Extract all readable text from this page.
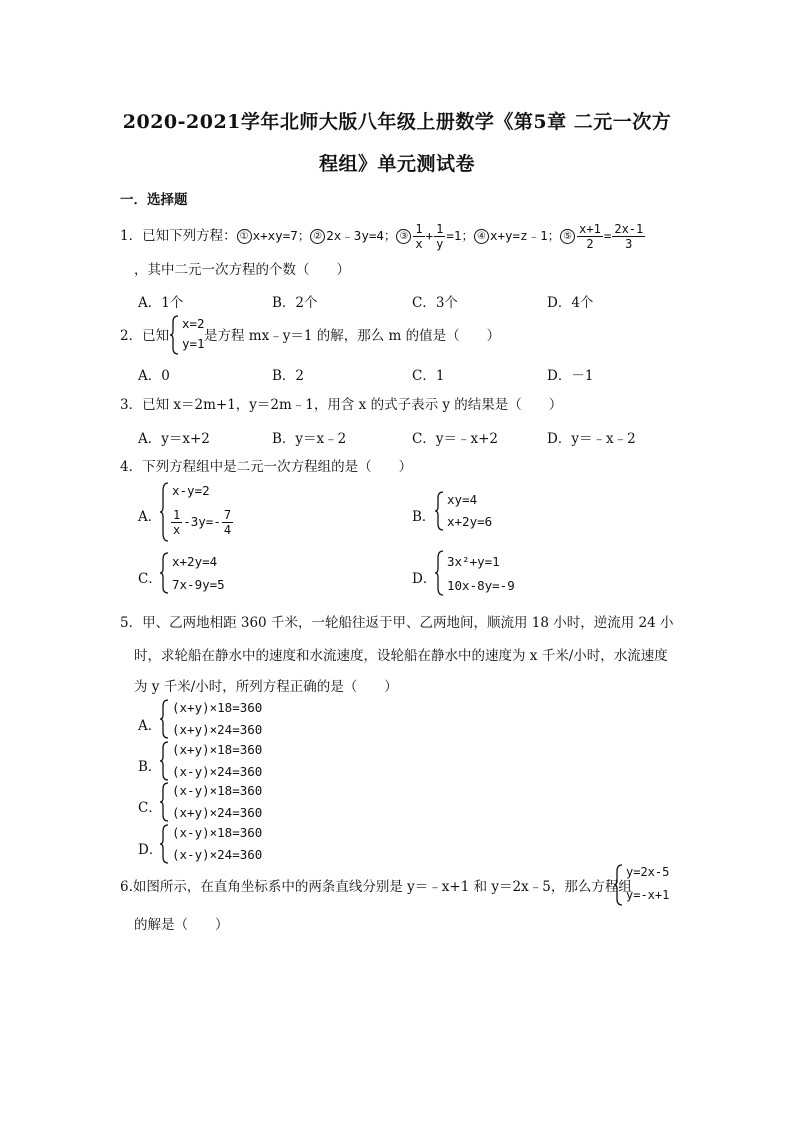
2020-2021学年北师大版八年级上册数学《第5章 二元一次方
程组》单元测试卷
一．选择题
1．已知下列方程： ① x+xy=7； ② 2x﹣3y=4； ③ $\frac{1}{x} + \frac{1}{y} =1$； ④ x+y=z﹣1； ⑤ $\frac{x+1}{2} = \frac{2x-1}{3}$
，其中二元一次方程的个数（　　）
A．1个	B．2个	C．3个	D．4个
2．已知
x=2
y=1 是方程 mx﹣y＝1 的解，那么 m 的值是（　　）
A．0	B．2	C．1	D．－1
3．已知 x＝2m+1，y＝2m﹣1，用含 x 的式子表示 y 的结果是（　　）
A．y＝x+2	B．y＝x﹣2	C．y＝﹣x+2	D．y＝﹣x﹣2
4．下列方程组中是二元一次方程组的是（　　）
A．
x-y=2
$\frac{1}{x} -3y=- \frac{7}{4}$	B．
xy=4
x+2y=6
C．
x+2y=4
7x-9y=5	D．
3x²+y=1
10x-8y=-9
5．甲、乙两地相距 360 千米，一轮船往返于甲、乙两地间，顺流用 18 小时，逆流用 24 小
时，求轮船在静水中的速度和水流速度，设轮船在静水中的速度为 x 千米/小时，水流速度
为 y 千米/小时，所列方程正确的是（　　）
A．
(x+y)×18=360
(x+y)×24=360
B．
(x+y)×18=360
(x-y)×24=360
C．
(x-y)×18=360
(x+y)×24=360
D．
(x-y)×18=360
(x-y)×24=360
6.如图所示，在直角坐标系中的两条直线分别是 y＝﹣x+1 和 y＝2x﹣5，那么方程组
y=2x-5
y=-x+1
的解是（　　）
